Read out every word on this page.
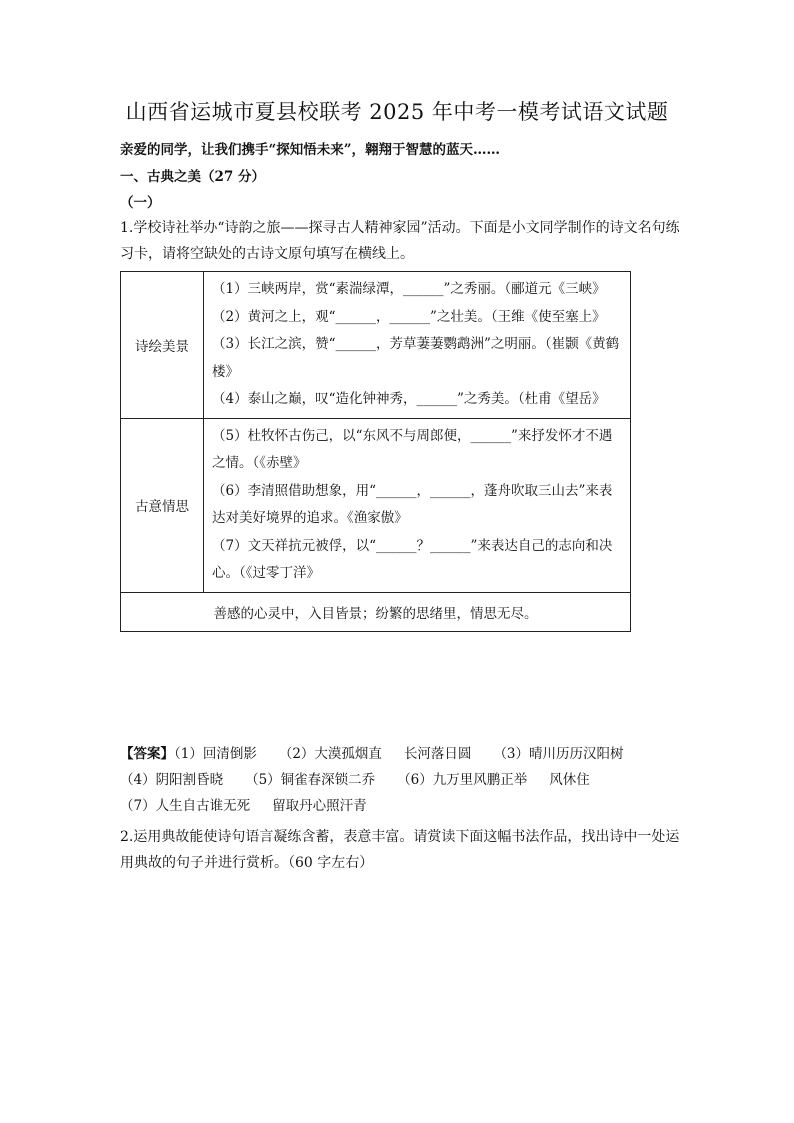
山西省运城市夏县校联考 2025 年中考一模考试语文试题
亲爱的同学，让我们携手“探知悟未来”，翱翔于智慧的蓝天……
一、古典之美（27 分）
（一）
1.学校诗社举办“诗韵之旅——探寻古人精神家园”活动。下面是小文同学制作的诗文名句练习卡，请将空缺处的古诗文原句填写在横线上。
诗绘美景	（1）三峡两岸，赏“素湍绿潭，______”之秀丽。（郦道元《三峡》
（2）黄河之上，观“______，______”之壮美。（王维《使至塞上》
（3）长江之滨，赞“______，芳草萋萋鹦鹉洲”之明丽。（崔颢《黄鹤楼》
（4）泰山之巅，叹“造化钟神秀，______”之秀美。（杜甫《望岳》

古意情思	（5）杜牧怀古伤己，以“东风不与周郎便，______”来抒发怀才不遇之情。（《赤壁》
（6）李清照借助想象，用“______，______，蓬舟吹取三山去”来表达对美好境界的追求。《渔家傲》
（7）文天祥抗元被俘，以“______？______”来表达自己的志向和决心。（《过零丁洋》

善感的心灵中，入目皆景；纷繁的思绪里，情思无尽。	
【答案】（1）回清倒影 （2）大漠孤烟直 长河落日圆 （3）晴川历历汉阳树
（4）阴阳割昏晓 （5）铜雀春深锁二乔 （6）九万里风鹏正举 风休住
（7）人生自古谁无死 留取丹心照汗青
2.运用典故能使诗句语言凝练含蓄，表意丰富。请赏读下面这幅书法作品，找出诗中一处运用典故的句子并进行赏析。（60 字左右）
